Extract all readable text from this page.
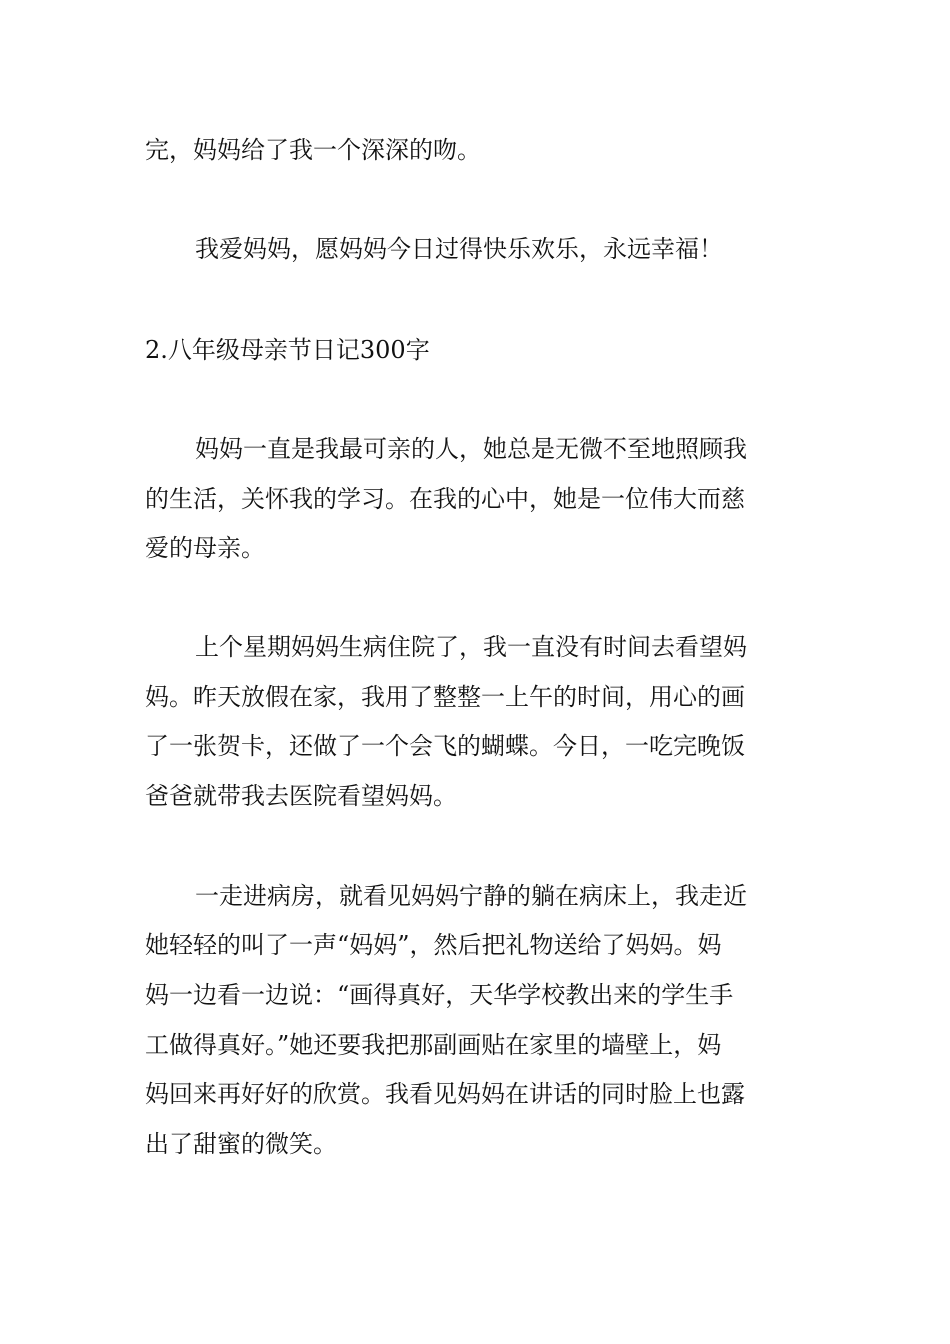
完，妈妈给了我一个深深的吻。

我爱妈妈，愿妈妈今日过得快乐欢乐，永远幸福！

2.八年级母亲节日记300字

妈妈一直是我最可亲的人，她总是无微不至地照顾我

的生活，关怀我的学习。在我的心中，她是一位伟大而慈

爱的母亲。

上个星期妈妈生病住院了，我一直没有时间去看望妈

妈。昨天放假在家，我用了整整一上午的时间，用心的画

了一张贺卡，还做了一个会飞的蝴蝶。今日，一吃完晚饭

爸爸就带我去医院看望妈妈。

一走进病房，就看见妈妈宁静的躺在病床上，我走近

她轻轻的叫了一声“妈妈”，然后把礼物送给了妈妈。妈

妈一边看一边说：“画得真好，天华学校教出来的学生手

工做得真好。”她还要我把那副画贴在家里的墙壁上，妈

妈回来再好好的欣赏。我看见妈妈在讲话的同时脸上也露

出了甜蜜的微笑。
